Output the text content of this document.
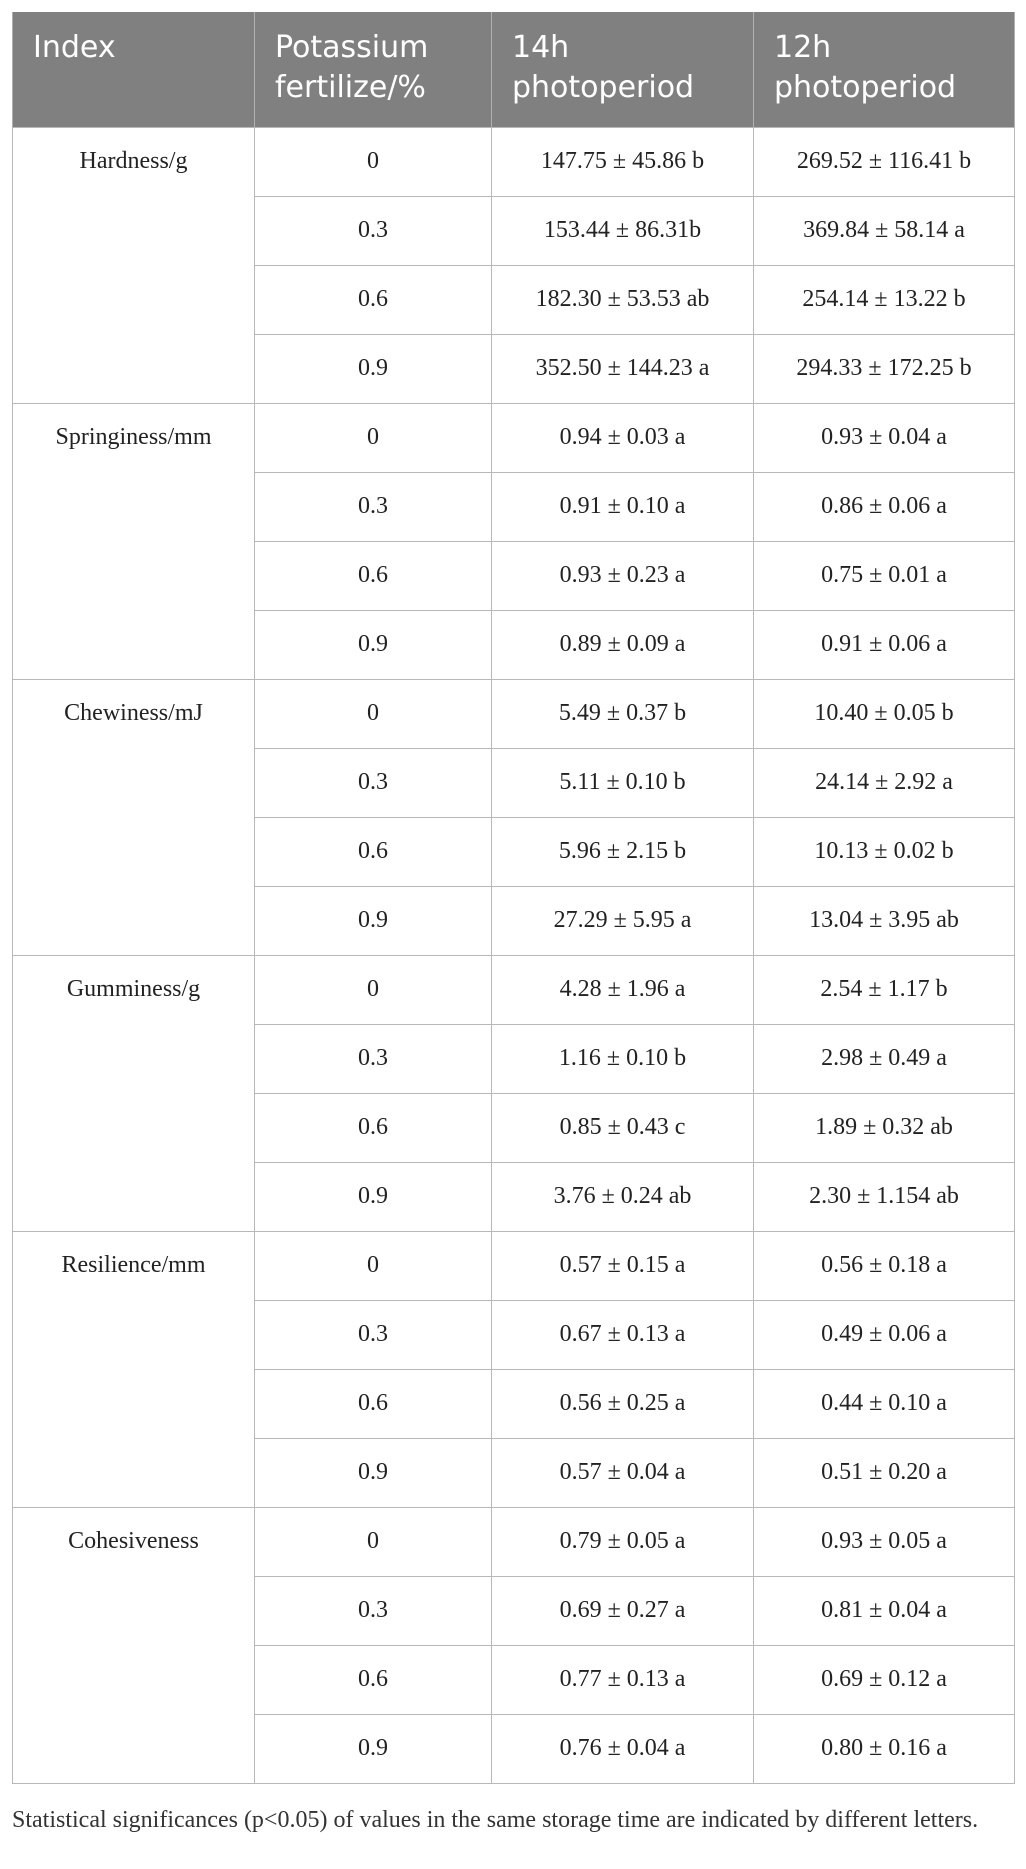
Index	Potassium fertilize/%	14h photoperiod	12h photoperiod
Hardness/g	0	147.75 ± 45.86 b	269.52 ± 116.41 b
	0.3	153.44 ± 86.31b	369.84 ± 58.14 a
	0.6	182.30 ± 53.53 ab	254.14 ± 13.22 b
	0.9	352.50 ± 144.23 a	294.33 ± 172.25 b
Springiness/mm	0	0.94 ± 0.03 a	0.93 ± 0.04 a
	0.3	0.91 ± 0.10 a	0.86 ± 0.06 a
	0.6	0.93 ± 0.23 a	0.75 ± 0.01 a
	0.9	0.89 ± 0.09 a	0.91 ± 0.06 a
Chewiness/mJ	0	5.49 ± 0.37 b	10.40 ± 0.05 b
	0.3	5.11 ± 0.10 b	24.14 ± 2.92 a
	0.6	5.96 ± 2.15 b	10.13 ± 0.02 b
	0.9	27.29 ± 5.95 a	13.04 ± 3.95 ab
Gumminess/g	0	4.28 ± 1.96 a	2.54 ± 1.17 b
	0.3	1.16 ± 0.10 b	2.98 ± 0.49 a
	0.6	0.85 ± 0.43 c	1.89 ± 0.32 ab
	0.9	3.76 ± 0.24 ab	2.30 ± 1.154 ab
Resilience/mm	0	0.57 ± 0.15 a	0.56 ± 0.18 a
	0.3	0.67 ± 0.13 a	0.49 ± 0.06 a
	0.6	0.56 ± 0.25 a	0.44 ± 0.10 a
	0.9	0.57 ± 0.04 a	0.51 ± 0.20 a
Cohesiveness	0	0.79 ± 0.05 a	0.93 ± 0.05 a
	0.3	0.69 ± 0.27 a	0.81 ± 0.04 a
	0.6	0.77 ± 0.13 a	0.69 ± 0.12 a
	0.9	0.76 ± 0.04 a	0.80 ± 0.16 a
Statistical significances (p<0.05) of values in the same storage time are indicated by different letters.
